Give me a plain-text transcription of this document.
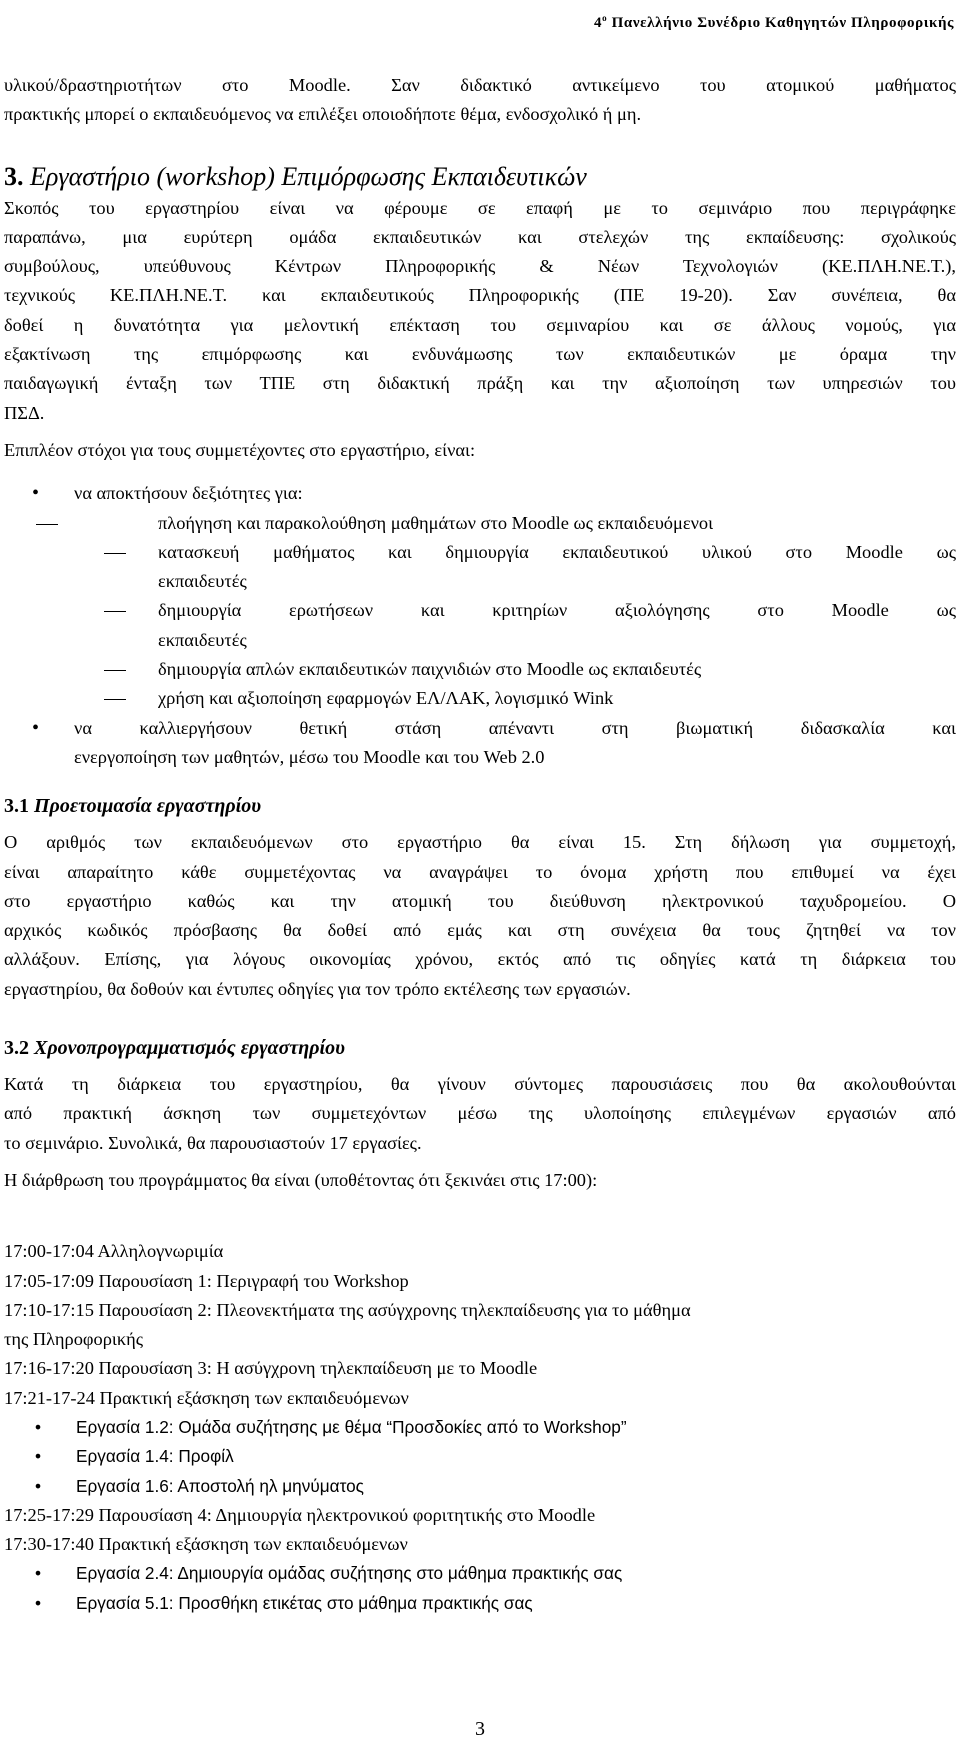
$4^o$ Πανελλήνιο Συνέδριο Καθηγητών Πληροφορικής

υλικού/δραστηριοτήτων στο Moodle. Σαν διδακτικό αντικείμενο του ατομικού μαθήματος

πρακτικής μπορεί ο εκπαιδευόμενος να επιλέξει οποιοδήποτε θέμα, ενδοσχολικό ή μη.

3. Εργαστήριο (workshop) Επιμόρφωσης Εκπαιδευτικών

Σκοπός του εργαστηρίου είναι να φέρουμε σε επαφή με το σεμινάριο που περιγράφηκε

παραπάνω, μια ευρύτερη ομάδα εκπαιδευτικών και στελεχών της εκπαίδευσης: σχολικούς

συμβούλους, υπεύθυνους Κέντρων Πληροφορικής & Νέων Τεχνολογιών (ΚΕ.ΠΛΗ.ΝΕ.Τ.),

τεχνικούς ΚΕ.ΠΛΗ.ΝΕ.Τ. και εκπαιδευτικούς Πληροφορικής (ΠΕ 19-20). Σαν συνέπεια, θα

δοθεί η δυνατότητα για μελοντική επέκταση του σεμιναρίου και σε άλλους νομούς, για

εξακτίνωση της επιμόρφωσης και ενδυνάμωσης των εκπαιδευτικών με όραμα την

παιδαγωγική ένταξη των ΤΠΕ στη διδακτική πράξη και την αξιοποίηση των υπηρεσιών του

ΠΣΔ.

Επιπλέον στόχοι για τους συμμετέχοντες στο εργαστήριο, είναι:

• να αποκτήσουν δεξιότητες για:
πλοήγηση και παρακολούθηση μαθημάτων στο Moodle ως εκπαιδευόμενοι

κατασκευή μαθήματος και δημιουργία εκπαιδευτικού υλικού στο Moodle ως

εκπαιδευτές

δημιουργία ερωτήσεων και κριτηρίων αξιολόγησης στο Moodle ως

εκπαιδευτές

δημιουργία απλών εκπαιδευτικών παιχνιδιών στο Moodle ως εκπαιδευτές

χρήση και αξιοποίηση εφαρμογών ΕΛ/ΛΑΚ, λογισμικό Wink

• να καλλιεργήσουν θετική στάση απέναντι στη βιωματική διδασκαλία και

ενεργοποίηση των μαθητών, μέσω του Moodle και του Web 2.0

3.1 Προετοιμασία εργαστηρίου

Ο αριθμός των εκπαιδευόμενων στο εργαστήριο θα είναι 15. Στη δήλωση για συμμετοχή,

είναι απαραίτητο κάθε συμμετέχοντας να αναγράψει το όνομα χρήστη που επιθυμεί να έχει

στο εργαστήριο καθώς και την ατομική του διεύθυνση ηλεκτρονικού ταχυδρομείου. Ο

αρχικός κωδικός πρόσβασης θα δοθεί από εμάς και στη συνέχεια θα τους ζητηθεί να τον

αλλάξουν. Επίσης, για λόγους οικονομίας χρόνου, εκτός από τις οδηγίες κατά τη διάρκεια του

εργαστηρίου, θα δοθούν και έντυπες οδηγίες για τον τρόπο εκτέλεσης των εργασιών.

3.2 Χρονοπρογραμματισμός εργαστηρίου

Κατά τη διάρκεια του εργαστηρίου, θα γίνουν σύντομες παρουσιάσεις που θα ακολουθούνται

από πρακτική άσκηση των συμμετεχόντων μέσω της υλοποίησης επιλεγμένων εργασιών από

το σεμινάριο. Συνολικά, θα παρουσιαστούν 17 εργασίες.

Η διάρθρωση του προγράμματος θα είναι (υποθέτοντας ότι ξεκινάει στις 17:00):

17:00-17:04 Αλληλογνωριμία

17:05-17:09 Παρουσίαση 1: Περιγραφή του Workshop

17:10-17:15 Παρουσίαση 2: Πλεονεκτήματα της ασύγχρονης τηλεκπαίδευσης για το μάθημα

της Πληροφορικής

17:16-17:20 Παρουσίαση 3: Η ασύγχρονη τηλεκπαίδευση με το Moodle

17:21-17-24 Πρακτική εξάσκηση των εκπαιδευόμενων

• Εργασία 1.2: Ομάδα συζήτησης με θέμα “Προσδοκίες από το Workshop”
• Εργασία 1.4: Προφίλ
• Εργασία 1.6: Αποστολή ηλ μηνύματος

17:25-17:29 Παρουσίαση 4: Δημιουργία ηλεκτρονικού φοριτητικής στο Moodle

17:30-17:40 Πρακτική εξάσκηση των εκπαιδευόμενων

• Εργασία 2.4: Δημιουργία ομάδας συζήτησης στο μάθημα πρακτικής σας
• Εργασία 5.1: Προσθήκη ετικέτας στο μάθημα πρακτικής σας
3
